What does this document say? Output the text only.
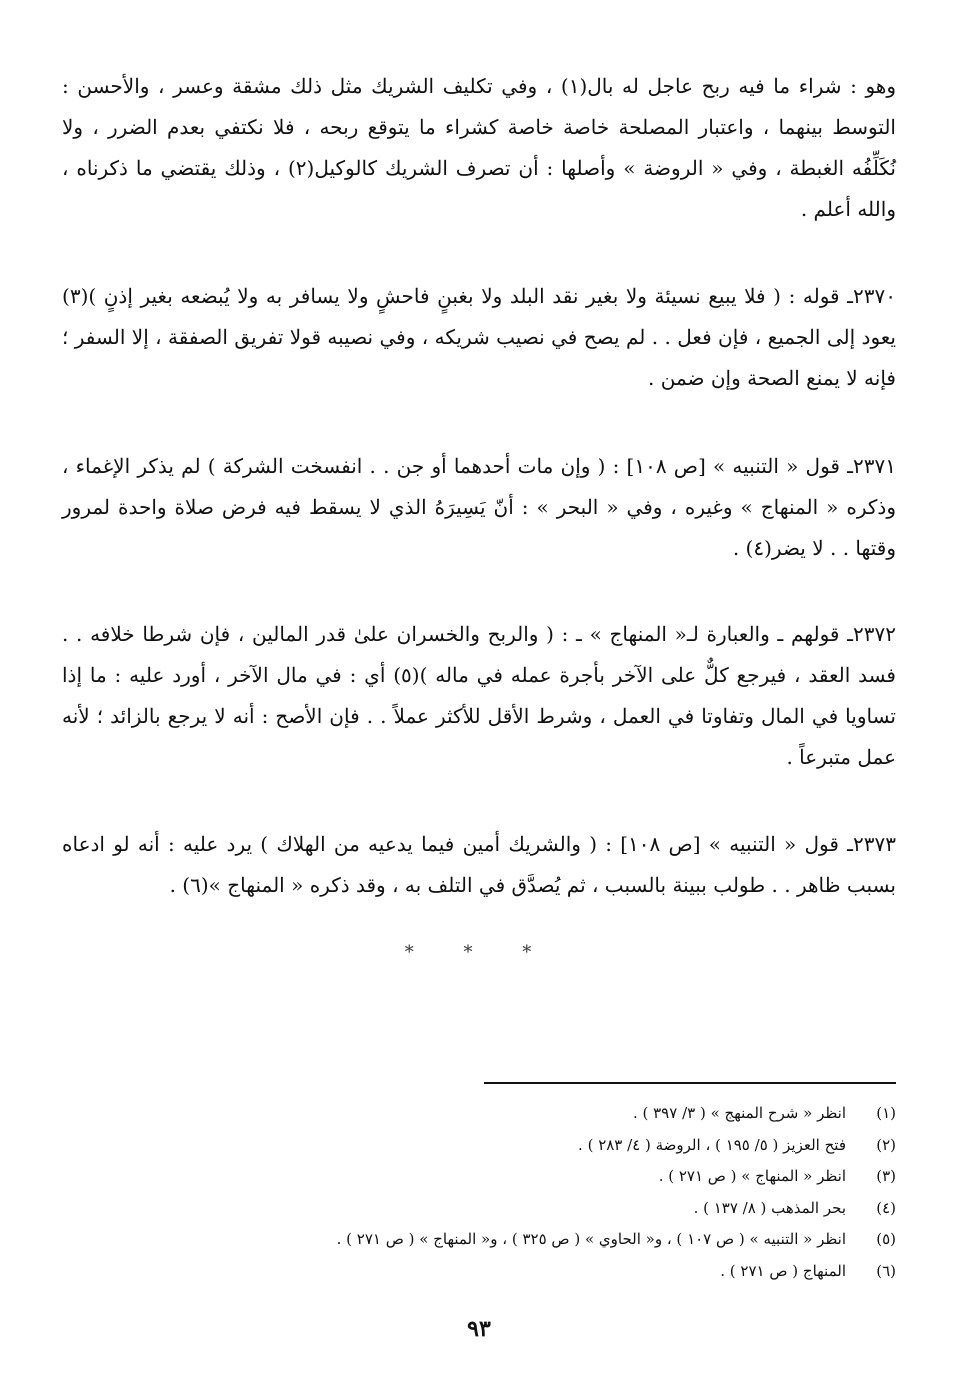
وهو : شراء ما فيه ربح عاجل له بال(١) ، وفي تكليف الشريك مثل ذلك مشقة وعسر ، والأحسن : التوسط بينهما ، واعتبار المصلحة خاصة خاصة كشراء ما يتوقع ربحه ، فلا نكتفي بعدم الضرر ، ولا نُكَلِّفُه الغبطة ، وفي « الروضة » وأصلها : أن تصرف الشريك كالوكيل(٢) ، وذلك يقتضي ما ذكرناه ، والله أعلم .

٢٣٧٠ـ قوله : ( فلا يبيع نسيئة ولا بغير نقد البلد ولا بغبنٍ فاحشٍ ولا يسافر به ولا يُبضعه بغير إذنٍ )(٣) يعود إلى الجميع ، فإن فعل . . لم يصح في نصيب شريكه ، وفي نصيبه قولا تفريق الصفقة ، إلا السفر ؛ فإنه لا يمنع الصحة وإن ضمن .

٢٣٧١ـ قول « التنبيه » [ص ١٠٨] : ( وإن مات أحدهما أو جن . . انفسخت الشركة ) لم يذكر الإغماء ، وذكره « المنهاج » وغيره ، وفي « البحر » : أنّ يَسِيرَهُ الذي لا يسقط فيه فرض صلاة واحدة لمرور وقتها . . لا يضر(٤) .

٢٣٧٢ـ قولهم ـ والعبارة لـ« المنهاج » ـ : ( والربح والخسران علىٰ قدر المالين ، فإن شرطا خلافه . . فسد العقد ، فيرجع كلٌّ على الآخر بأجرة عمله في ماله )(٥) أي : في مال الآخر ، أورد عليه : ما إذا تساويا في المال وتفاوتا في العمل ، وشرط الأقل للأكثر عملاً . . فإن الأصح : أنه لا يرجع بالزائد ؛ لأنه عمل متبرعاً .

٢٣٧٣ـ قول « التنبيه » [ص ١٠٨] : ( والشريك أمين فيما يدعيه من الهلاك ) يرد عليه : أنه لو ادعاه بسبب ظاهر . . طولب ببينة بالسبب ، ثم يُصدَّق في التلف به ، وقد ذكره « المنهاج »(٦) .

* * *
(١)انظر « شرح المنهج » ( ٣/ ٣٩٧ ) .
(٢)فتح العزيز ( ٥/ ١٩٥ ) ، الروضة ( ٤/ ٢٨٣ ) .
(٣)انظر « المنهاج » ( ص ٢٧١ ) .
(٤)بحر المذهب ( ٨/ ١٣٧ ) .
(٥)انظر « التنبيه » ( ص ١٠٧ ) ، و« الحاوي » ( ص ٣٢٥ ) ، و« المنهاج » ( ص ٢٧١ ) .
(٦)المنهاج ( ص ٢٧١ ) .
٩٣
